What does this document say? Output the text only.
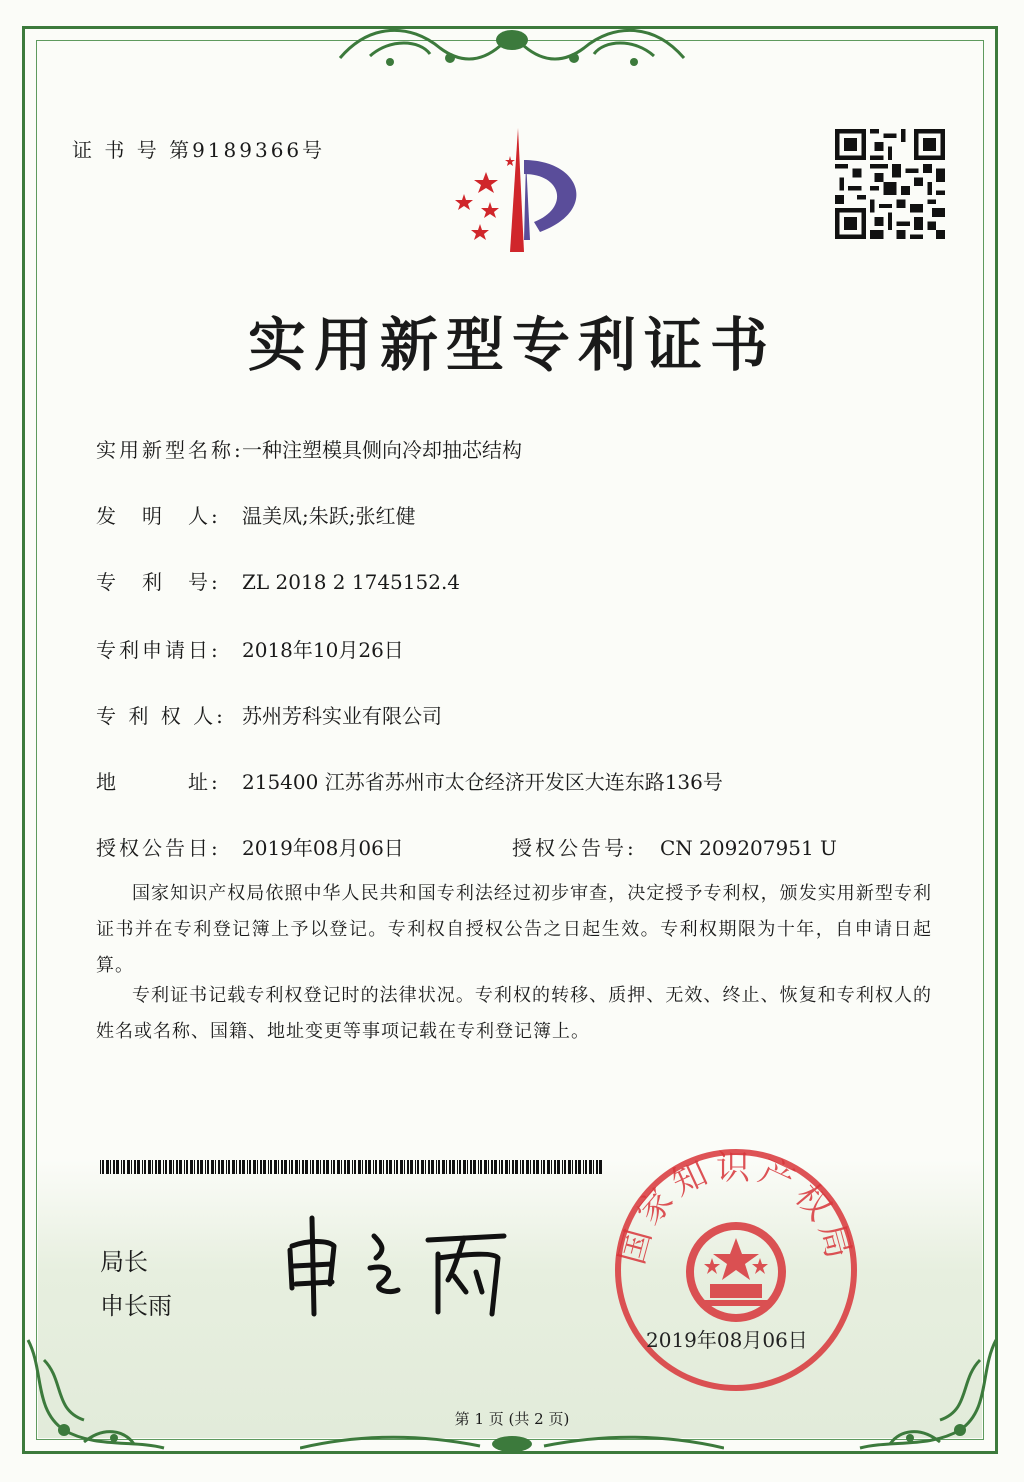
证 书 号 第9189366号
实用新型专利证书
实用新型名称:一种注塑模具侧向冷却抽芯结构
发　明　人: 温美凤;朱跃;张红健
专　利　号: ZL 2018 2 1745152.4
专利申请日: 2018年10月26日
专 利 权 人: 苏州芳科实业有限公司
地　　　址: 215400 江苏省苏州市太仓经济开发区大连东路136号
授权公告日: 2019年08月06日	授权公告号: CN 209207951 U
国家知识产权局依照中华人民共和国专利法经过初步审查，决定授予专利权，颁发实用新型专利证书并在专利登记簿上予以登记。专利权自授权公告之日起生效。专利权期限为十年，自申请日起算。
专利证书记载专利权登记时的法律状况。专利权的转移、质押、无效、终止、恢复和专利权人的姓名或名称、国籍、地址变更等事项记载在专利登记簿上。
局长
申长雨
国家知识产权局
2019年08月06日
第 1 页 (共 2 页)
